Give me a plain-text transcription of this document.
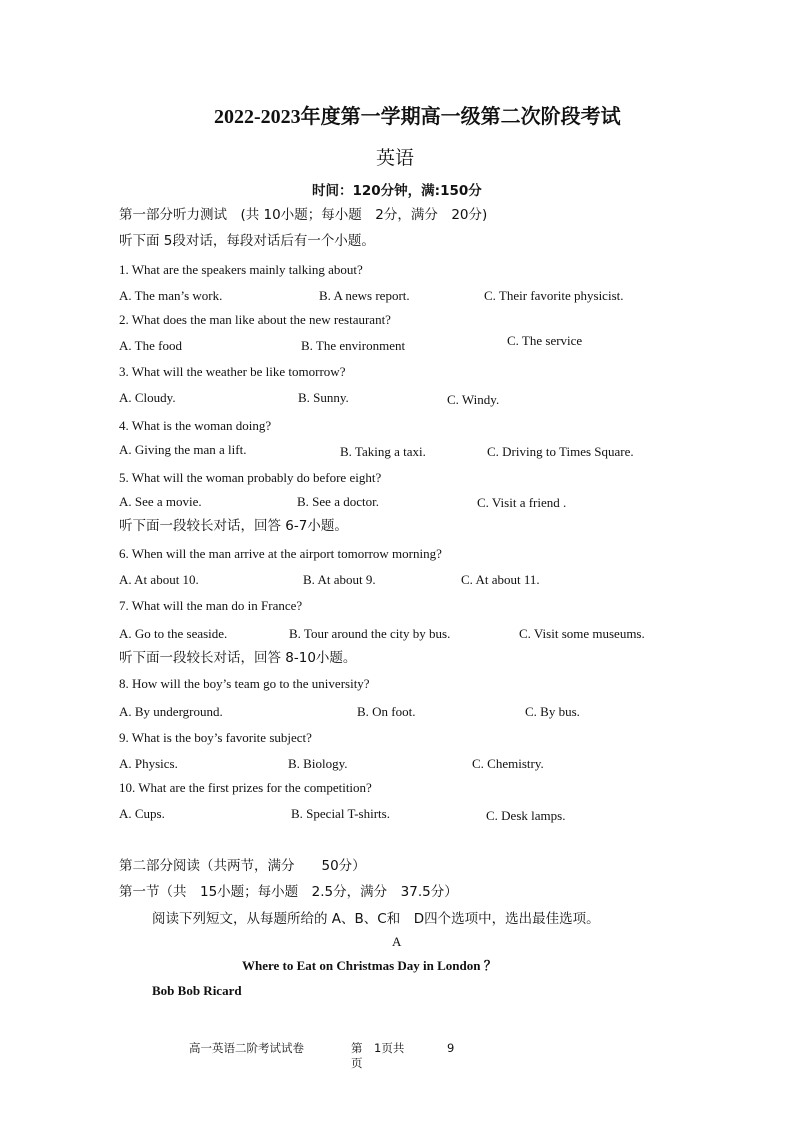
2022-2023年度第一学期高一级第二次阶段考试
英语
时间：120分钟，满:150分
第一部分听力测试　(共 10小题；每小题　2分，满分　20分)
听下面 5段对话，每段对话后有一个小题。
1. What are the speakers mainly talking about?
A. The man’s work.	B. A news report.	C. Their favorite physicist.
2. What does the man like about the new restaurant?
A. The food	B. The environment	C. The service
3. What will the weather be like tomorrow?
A. Cloudy.	B. Sunny.	C. Windy.
4. What is the woman doing?
A. Giving the man a lift.	B. Taking a taxi.	C. Driving to Times Square.
5. What will the woman probably do before eight?
A. See a movie.	B. See a doctor.	C. Visit a friend .
听下面一段较长对话，回答 6-7小题。
6. When will the man arrive at the airport tomorrow morning?
A. At about 10.	B. At about 9.	C. At about 11.
7. What will the man do in France?
A. Go to the seaside.	B. Tour around the city by bus.	C. Visit some museums.
听下面一段较长对话，回答 8-10小题。
8. How will the boy’s team go to the university?
A. By underground.	B. On foot.	C. By bus.
9. What is the boy’s favorite subject?
A. Physics.	B. Biology.	C. Chemistry.
10. What are the first prizes for the competition?
A. Cups.	B. Special T-shirts.	C. Desk lamps.
第二部分阅读（共两节，满分　　50分）
第一节（共　15小题；每小题　2.5分，满分　37.5分）
阅读下列短文，从每题所给的 A、B、C和　D四个选项中，选出最佳选项。
A
Where to Eat on Christmas Day in London ？
Bob Bob Ricard
高一英语二阶考试试卷	第　1页共	9
页
